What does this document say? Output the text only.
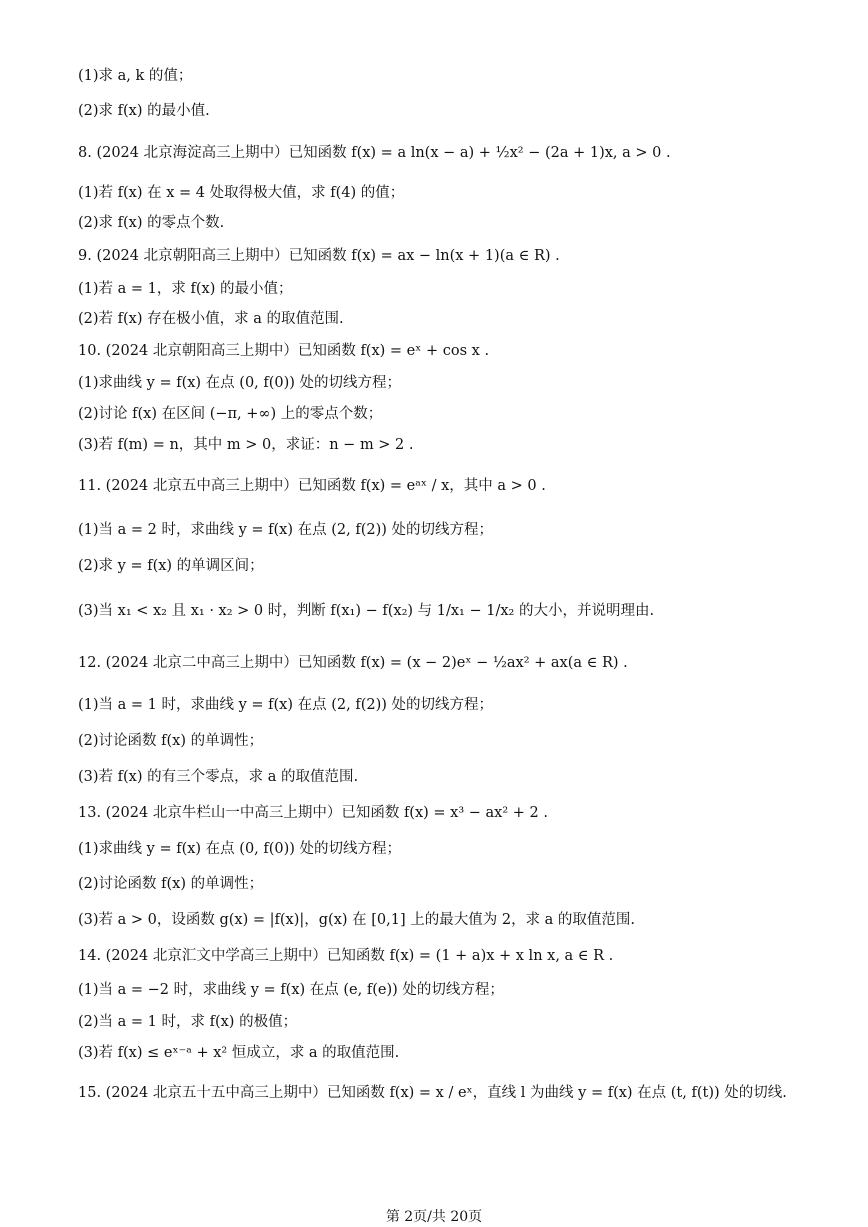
(1)求 a, k 的值；
(2)求 f(x) 的最小值.
8. (2024 北京海淀高三上期中）已知函数 f(x) = a ln(x − a) + ½x² − (2a + 1)x, a > 0 .
(1)若 f(x) 在 x = 4 处取得极大值，求 f(4) 的值；
(2)求 f(x) 的零点个数.
9. (2024 北京朝阳高三上期中）已知函数 f(x) = ax − ln(x + 1)(a ∈ R) .
(1)若 a = 1，求 f(x) 的最小值；
(2)若 f(x) 存在极小值，求 a 的取值范围.
10. (2024 北京朝阳高三上期中）已知函数 f(x) = eˣ + cos x .
(1)求曲线 y = f(x) 在点 (0, f(0)) 处的切线方程；
(2)讨论 f(x) 在区间 (−π, +∞) 上的零点个数；
(3)若 f(m) = n，其中 m > 0，求证：n − m > 2 .
11. (2024 北京五中高三上期中）已知函数 f(x) = eᵃˣ / x，其中 a > 0 .
(1)当 a = 2 时，求曲线 y = f(x) 在点 (2, f(2)) 处的切线方程；
(2)求 y = f(x) 的单调区间；
(3)当 x₁ < x₂ 且 x₁ · x₂ > 0 时，判断 f(x₁) − f(x₂) 与 1/x₁ − 1/x₂ 的大小，并说明理由.
12. (2024 北京二中高三上期中）已知函数 f(x) = (x − 2)eˣ − ½ax² + ax(a ∈ R) .
(1)当 a = 1 时，求曲线 y = f(x) 在点 (2, f(2)) 处的切线方程；
(2)讨论函数 f(x) 的单调性；
(3)若 f(x) 的有三个零点，求 a 的取值范围.
13. (2024 北京牛栏山一中高三上期中）已知函数 f(x) = x³ − ax² + 2 .
(1)求曲线 y = f(x) 在点 (0, f(0)) 处的切线方程；
(2)讨论函数 f(x) 的单调性；
(3)若 a > 0，设函数 g(x) = |f(x)|，g(x) 在 [0,1] 上的最大值为 2，求 a 的取值范围.
14. (2024 北京汇文中学高三上期中）已知函数 f(x) = (1 + a)x + x ln x, a ∈ R .
(1)当 a = −2 时，求曲线 y = f(x) 在点 (e, f(e)) 处的切线方程；
(2)当 a = 1 时，求 f(x) 的极值；
(3)若 f(x) ≤ eˣ⁻ᵃ + x² 恒成立，求 a 的取值范围.
15. (2024 北京五十五中高三上期中）已知函数 f(x) = x / eˣ，直线 l 为曲线 y = f(x) 在点 (t, f(t)) 处的切线.
第 2页/共 20页
